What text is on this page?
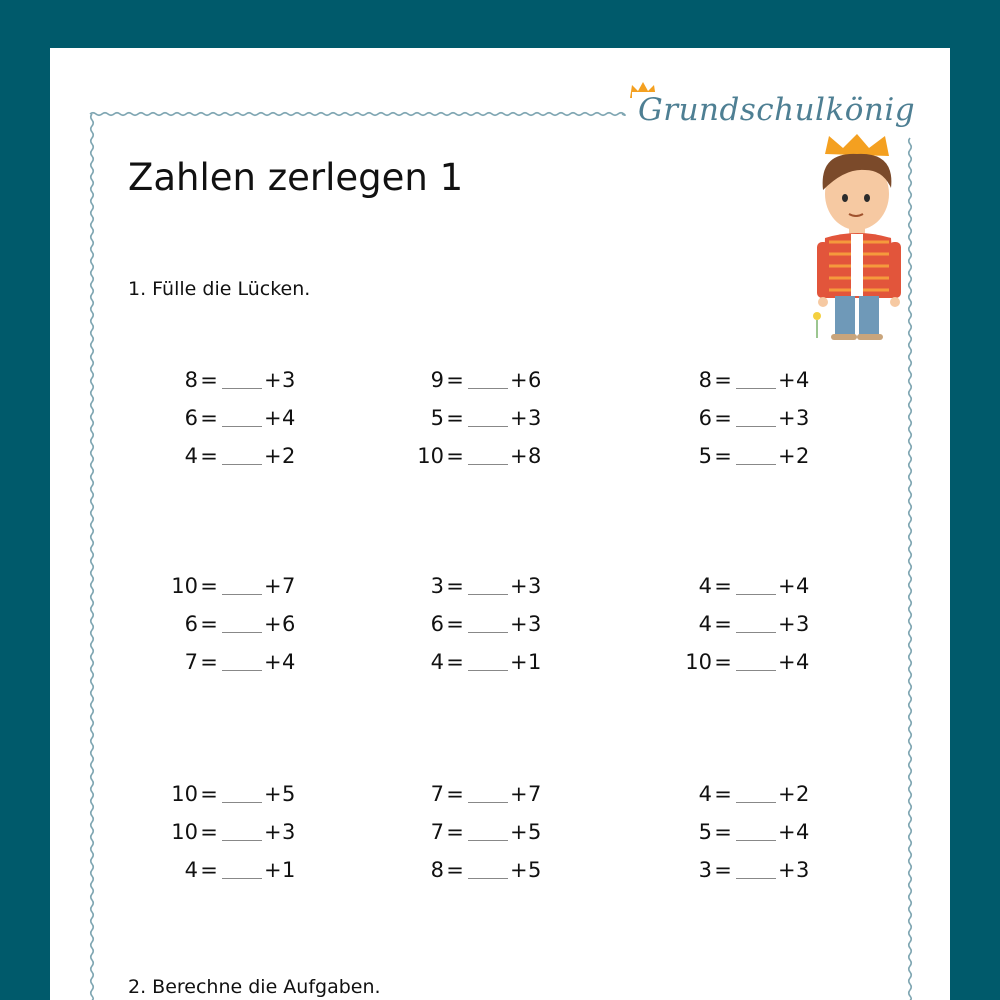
Grundschulkönig
Zahlen zerlegen 1
1. Fülle die Lücken.
2. Berechne die Aufgaben.
8 = + 3
6 = + 4
4 = + 2
10 = + 7
6 = + 6
7 = + 4
10 = + 5
10 = + 3
4 = + 1
9 = + 6
5 = + 3
10 = + 8
3 = + 3
6 = + 3
4 = + 1
7 = + 7
7 = + 5
8 = + 5
8 = + 4
6 = + 3
5 = + 2
4 = + 4
4 = + 3
10 = + 4
4 = + 2
5 = + 4
3 = + 3
